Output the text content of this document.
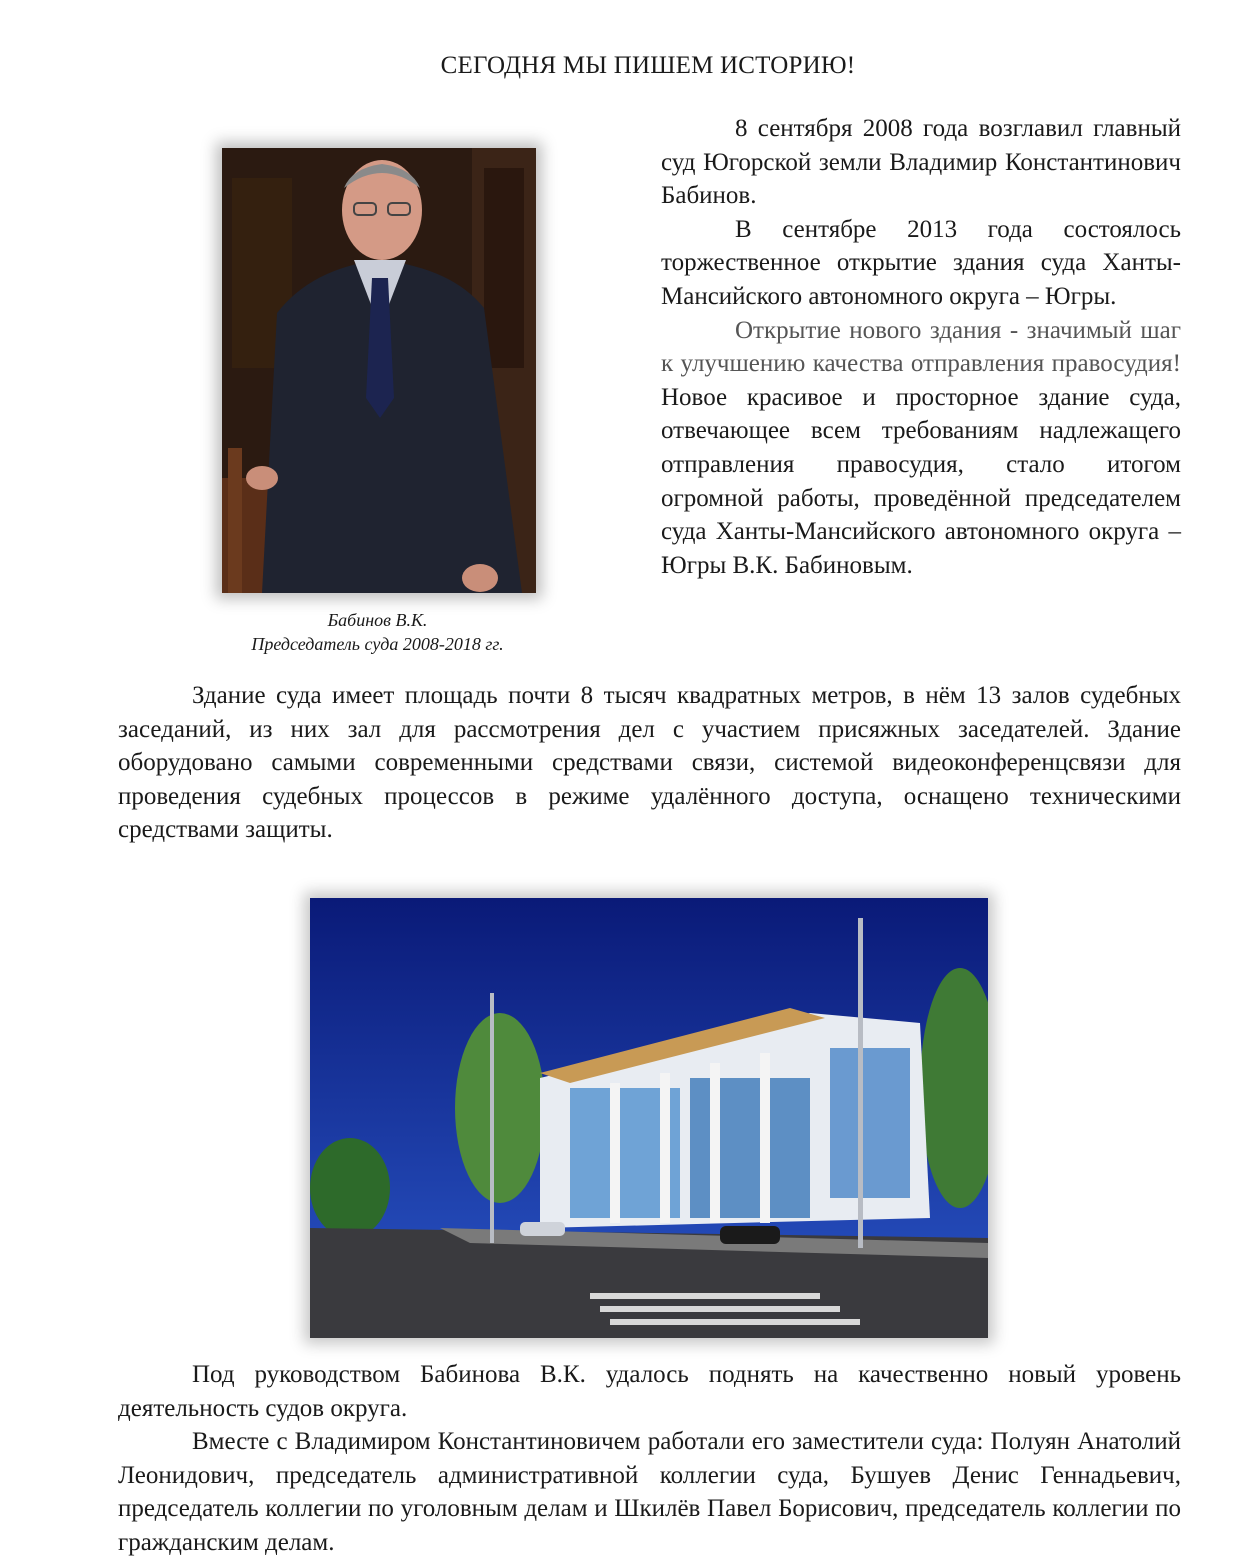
СЕГОДНЯ МЫ ПИШЕМ ИСТОРИЮ!
Бабинов В.К.
Председатель суда 2008-2018 гг.

8 сентября 2008 года возглавил главный суд Югорской земли Владимир Константинович Бабинов.

В сентябре 2013 года состоялось торжественное открытие здания суда Ханты-Мансийского автономного округа – Югры.

Открытие нового здания - значимый шаг к улучшению качества отправления правосудия! Новое красивое и просторное здание суда, отвечающее всем требованиям надлежащего отправления правосудия, стало итогом огромной работы, проведённой председателем суда Ханты-Мансийского автономного округа – Югры В.К. Бабиновым.

Здание суда имеет площадь почти 8 тысяч квадратных метров, в нём 13 залов судебных заседаний, из них зал для рассмотрения дел с участием присяжных заседателей. Здание оборудовано самыми современными средствами связи, системой видеоконференцсвязи для проведения судебных процессов в режиме удалённого доступа, оснащено техническими средствами защиты.

Под руководством Бабинова В.К. удалось поднять на качественно новый уровень деятельность судов округа.

Вместе с Владимиром Константиновичем работали его заместители суда: Полуян Анатолий Леонидович, председатель административной коллегии суда, Бушуев Денис Геннадьевич, председатель коллегии по уголовным делам и Шкилёв Павел Борисович, председатель коллегии по гражданским делам.
